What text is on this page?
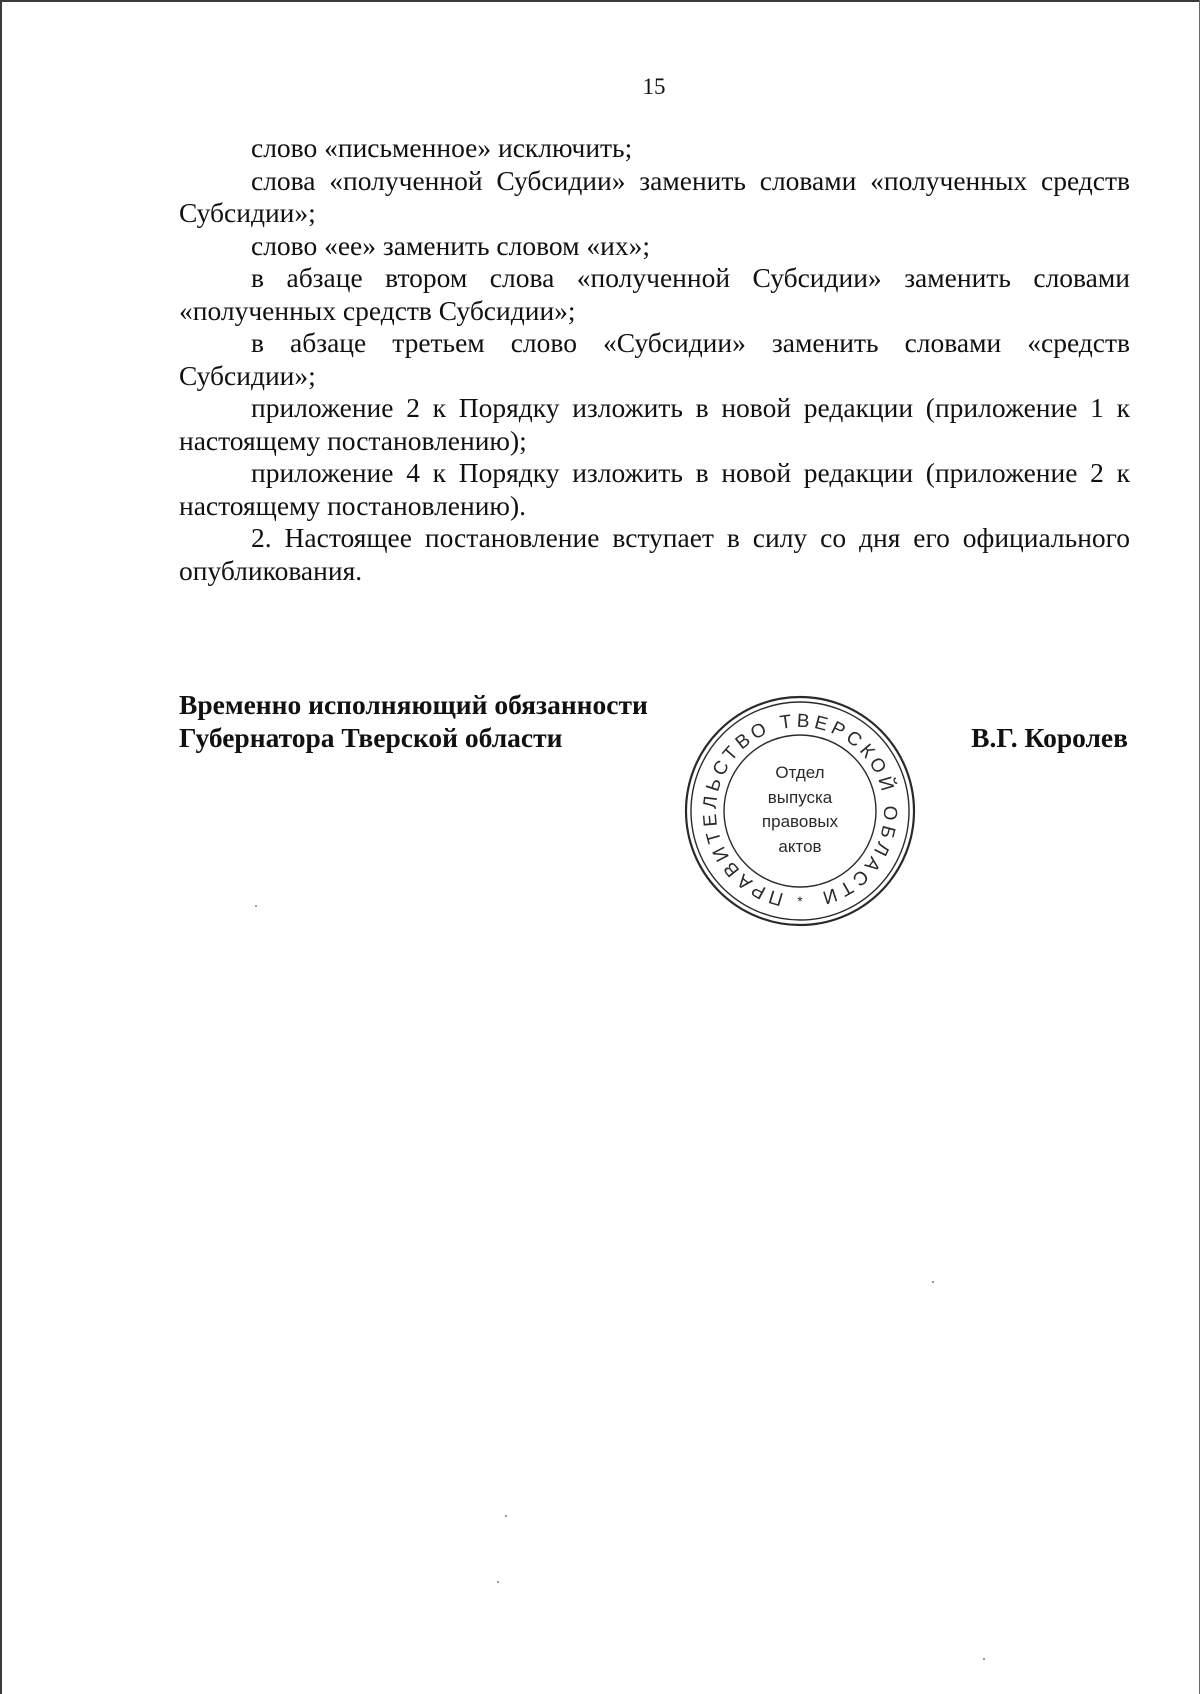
15

слово «письменное» исключить;

слова «полученной Субсидии» заменить словами «полученных средств Субсидии»;

слово «ее» заменить словом «их»;

в абзаце втором слова «полученной Субсидии» заменить словами «полученных средств Субсидии»;

в абзаце третьем слово «Субсидии» заменить словами «средств Субсидии»;

приложение 2 к Порядку изложить в новой редакции (приложение 1 к настоящему постановлению);

приложение 4 к Порядку изложить в новой редакции (приложение 2 к настоящему постановлению).

2. Настоящее постановление вступает в силу со дня его официального опубликования.

Временно исполняющий обязанности
Губернатора Тверской области
ПРАВИТЕЛЬСТВО ТВЕРСКОЙ ОБЛАСТИ
Отдел
выпуска
правовых
актов
*
В.Г. Королев
